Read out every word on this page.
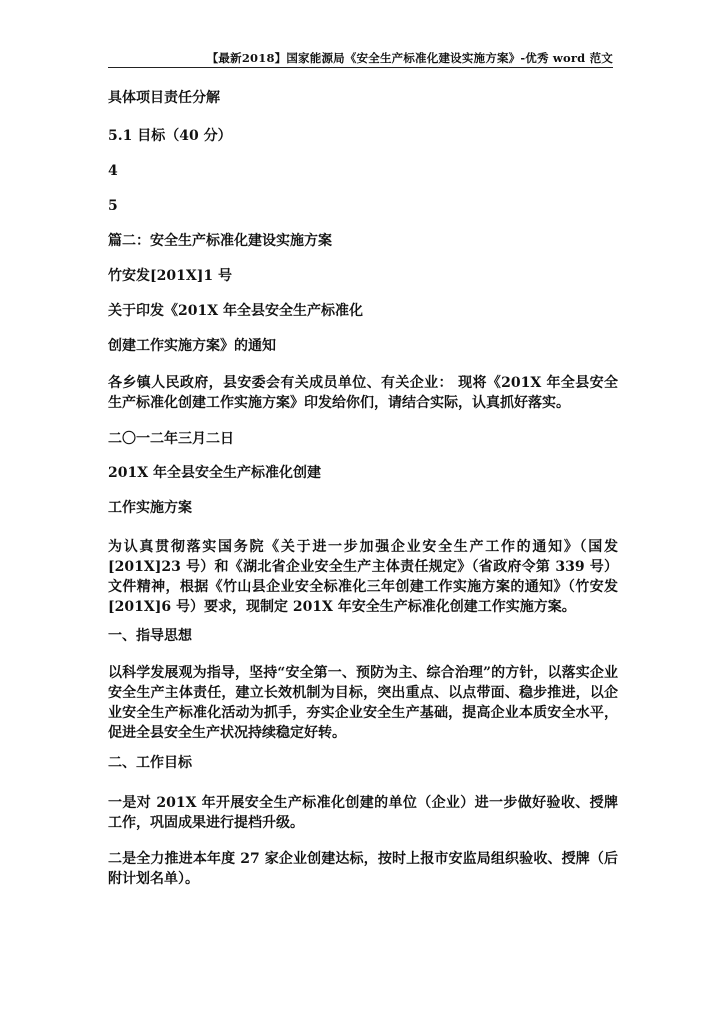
【最新2018】国家能源局《安全生产标准化建设实施方案》-优秀 word 范文

具体项目责任分解

5.1 目标（40 分）

4

5

篇二：安全生产标准化建设实施方案

竹安发[201X]1 号

关于印发《201X 年全县安全生产标准化

创建工作实施方案》的通知

各乡镇人民政府，县安委会有关成员单位、有关企业： 现将《201X 年全县安全生产标准化创建工作实施方案》印发给你们，请结合实际，认真抓好落实。

二〇一二年三月二日

201X 年全县安全生产标准化创建

工作实施方案

为认真贯彻落实国务院《关于进一步加强企业安全生产工作的通知》（国发[201X]23 号）和《湖北省企业安全生产主体责任规定》（省政府令第 339 号）文件精神，根据《竹山县企业安全标准化三年创建工作实施方案的通知》（竹安发[201X]6 号）要求，现制定 201X 年安全生产标准化创建工作实施方案。

一、指导思想

以科学发展观为指导，坚持“安全第一、预防为主、综合治理”的方针，以落实企业安全生产主体责任，建立长效机制为目标，突出重点、以点带面、稳步推进，以企业安全生产标准化活动为抓手，夯实企业安全生产基础，提高企业本质安全水平，促进全县安全生产状况持续稳定好转。

二、工作目标

一是对 201X 年开展安全生产标准化创建的单位（企业）进一步做好验收、授牌工作，巩固成果进行提档升级。

二是全力推进本年度 27 家企业创建达标，按时上报市安监局组织验收、授牌（后附计划名单）。
